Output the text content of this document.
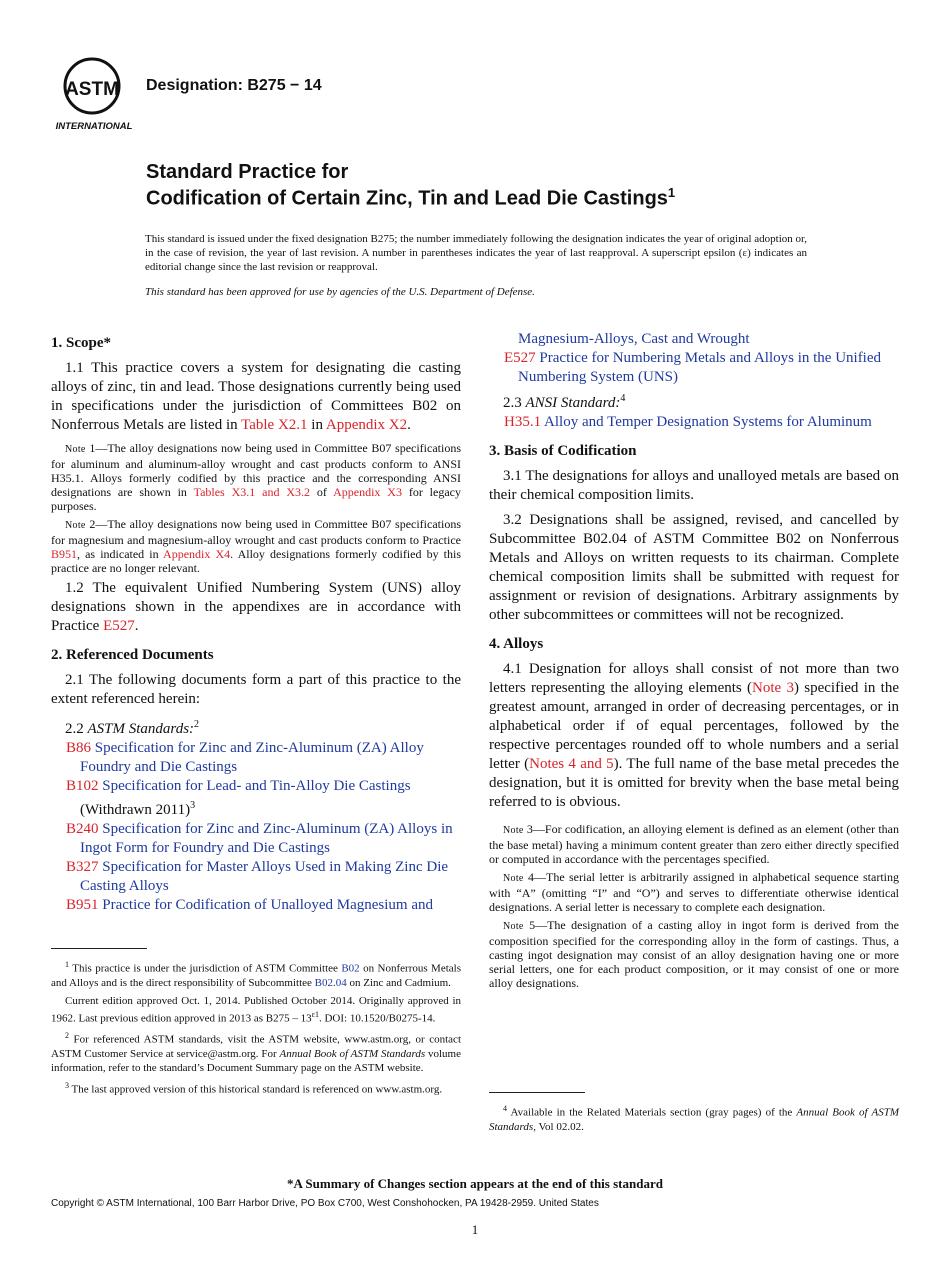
ASTM
INTERNATIONAL
Designation: B275 − 14
Standard Practice for
Codification of Certain Zinc, Tin and Lead Die Castings$^1$
This standard is issued under the fixed designation B275; the number immediately following the designation indicates the year of original adoption or, in the case of revision, the year of last revision. A number in parentheses indicates the year of last reapproval. A superscript epsilon (ε) indicates an editorial change since the last revision or reapproval.
This standard has been approved for use by agencies of the U.S. Department of Defense.
1. Scope*

1.1 This practice covers a system for designating die casting alloys of zinc, tin and lead. Those designations currently being used in specifications under the jurisdiction of Committees B02 on Nonferrous Metals are listed in Table X2.1 in Appendix X2.

Note 1—The alloy designations now being used in Committee B07 specifications for aluminum and aluminum-alloy wrought and cast products conform to ANSI H35.1. Alloys formerly codified by this practice and the corresponding ANSI designations are shown in Tables X3.1 and X3.2 of Appendix X3 for legacy purposes.

Note 2—The alloy designations now being used in Committee B07 specifications for magnesium and magnesium-alloy wrought and cast products conform to Practice B951, as indicated in Appendix X4. Alloy designations formerly codified by this practice are no longer relevant.

1.2 The equivalent Unified Numbering System (UNS) alloy designations shown in the appendixes are in accordance with Practice E527.

2. Referenced Documents

2.1 The following documents form a part of this practice to the extent referenced herein:

2.2 ASTM Standards:$^2$

B86 Specification for Zinc and Zinc-Aluminum (ZA) Alloy Foundry and Die Castings

B102 Specification for Lead- and Tin-Alloy Die Castings

(Withdrawn 2011)$^3$

B240 Specification for Zinc and Zinc-Aluminum (ZA) Alloys in Ingot Form for Foundry and Die Castings

B327 Specification for Master Alloys Used in Making Zinc Die Casting Alloys

B951 Practice for Codification of Unalloyed Magnesium and

Magnesium-Alloys, Cast and Wrought

E527 Practice for Numbering Metals and Alloys in the Unified Numbering System (UNS)

2.3 ANSI Standard:$^4$

H35.1 Alloy and Temper Designation Systems for Aluminum

3. Basis of Codification

3.1 The designations for alloys and unalloyed metals are based on their chemical composition limits.

3.2 Designations shall be assigned, revised, and cancelled by Subcommittee B02.04 of ASTM Committee B02 on Nonferrous Metals and Alloys on written requests to its chairman. Complete chemical composition limits shall be submitted with request for assignment or revision of designations. Arbitrary assignments by other subcommittees or committees will not be recognized.

4. Alloys

4.1 Designation for alloys shall consist of not more than two letters representing the alloying elements (Note 3) specified in the greatest amount, arranged in order of decreasing percentages, or in alphabetical order if of equal percentages, followed by the respective percentages rounded off to whole numbers and a serial letter (Notes 4 and 5). The full name of the base metal precedes the designation, but it is omitted for brevity when the base metal being referred to is obvious.

Note 3—For codification, an alloying element is defined as an element (other than the base metal) having a minimum content greater than zero either directly specified or computed in accordance with the percentages specified.

Note 4—The serial letter is arbitrarily assigned in alphabetical sequence starting with “A” (omitting “I” and “O”) and serves to differentiate otherwise identical designations. A serial letter is necessary to complete each designation.

Note 5—The designation of a casting alloy in ingot form is derived from the composition specified for the corresponding alloy in the form of castings. Thus, a casting ingot designation may consist of an alloy designation having one or more serial letters, one for each product composition, or it may consist of one or more alloy designations.

$^1$ This practice is under the jurisdiction of ASTM Committee B02 on Nonferrous Metals and Alloys and is the direct responsibility of Subcommittee B02.04 on Zinc and Cadmium.

Current edition approved Oct. 1, 2014. Published October 2014. Originally approved in 1962. Last previous edition approved in 2013 as $B275 - 13^{\varepsilon 1}$. DOI: 10.1520/B0275-14.

$^2$ For referenced ASTM standards, visit the ASTM website, www.astm.org, or contact ASTM Customer Service at service@astm.org. For Annual Book of ASTM Standards volume information, refer to the standard’s Document Summary page on the ASTM website.

$^3$ The last approved version of this historical standard is referenced on www.astm.org.

$^4$ Available in the Related Materials section (gray pages) of the Annual Book of ASTM Standards, Vol 02.02.

*A Summary of Changes section appears at the end of this standard
Copyright © ASTM International, 100 Barr Harbor Drive, PO Box C700, West Conshohocken, PA 19428-2959. United States
1
